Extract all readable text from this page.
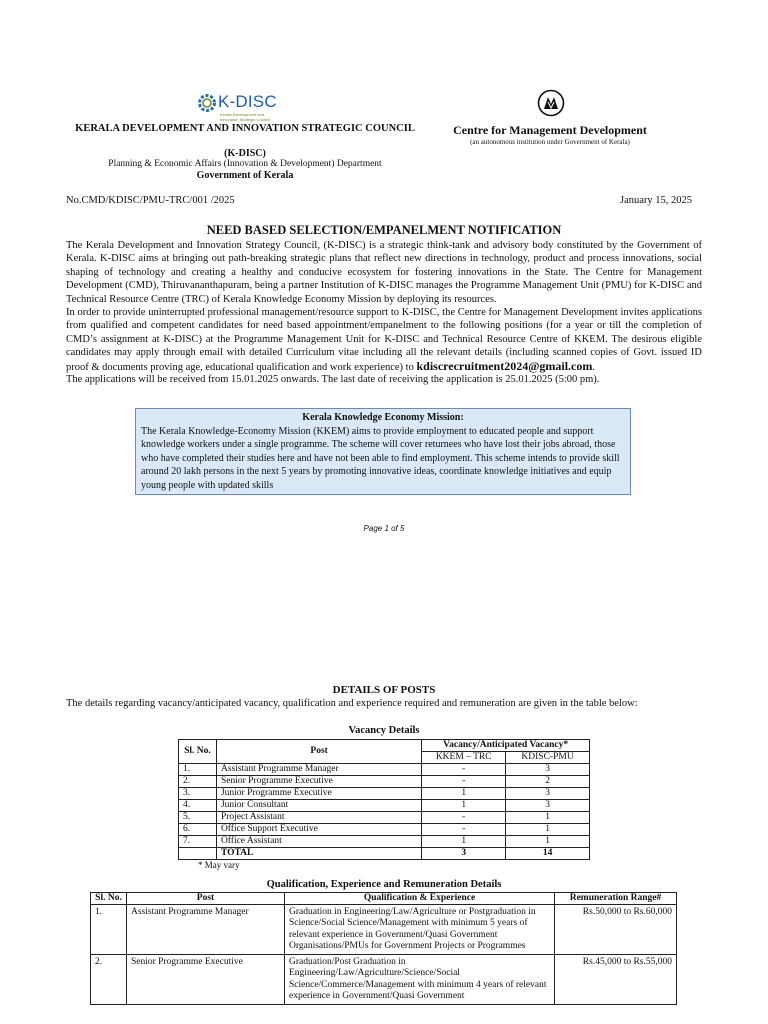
K-DISC
Kerala Development and Innovation Strategic Council
KERALA DEVELOPMENT AND INNOVATION STRATEGIC COUNCIL
(K-DISC)
Planning & Economic Affairs (Innovation & Development) Department
Government of Kerala
Centre for Management Development
(an autonomous institution under Government of Kerala)
No.CMD/KDISC/PMU-TRC/001 /2025	January 15, 2025
NEED BASED SELECTION/EMPANELMENT NOTIFICATION
The Kerala Development and Innovation Strategy Council, (K-DISC) is a strategic think-tank and advisory body constituted by the Government of Kerala. K-DISC aims at bringing out path-breaking strategic plans that reflect new directions in technology, product and process innovations, social shaping of technology and creating a healthy and conducive ecosystem for fostering innovations in the State. The Centre for Management Development (CMD), Thiruvananthapuram, being a partner Institution of K-DISC manages the Programme Management Unit (PMU) for K-DISC and Technical Resource Centre (TRC) of Kerala Knowledge Economy Mission by deploying its resources.
In order to provide uninterrupted professional management/resource support to K-DISC, the Centre for Management Development invites applications from qualified and competent candidates for need based appointment/empanelment to the following positions (for a year or till the completion of CMD’s assignment at K-DISC) at the Programme Management Unit for K-DISC and Technical Resource Centre of KKEM. The desirous eligible candidates may apply through email with detailed Curriculum vitae including all the relevant details (including scanned copies of Govt. issued ID proof & documents proving age, educational qualification and work experience) to kdiscrecruitment2024@gmail.com.
The applications will be received from 15.01.2025 onwards. The last date of receiving the application is 25.01.2025 (5:00 pm).
Kerala Knowledge Economy Mission:
The Kerala Knowledge-Economy Mission (KKEM) aims to provide employment to educated people and support knowledge workers under a single programme. The scheme will cover returnees who have lost their jobs abroad, those who have completed their studies here and have not been able to find employment. This scheme intends to provide skill around 20 lakh persons in the next 5 years by promoting innovative ideas, coordinate knowledge initiatives and equip young people with updated skills
Page 1 of 5
DETAILS OF POSTS
The details regarding vacancy/anticipated vacancy, qualification and experience required and remuneration are given in the table below:
Vacancy Details
Sl. No.	Post	Vacancy/Anticipated Vacancy*	
		KKEM – TRC	KDISC-PMU
1.	Assistant Programme Manager	-	3
2.	Senior Programme Executive	-	2
3.	Junior Programme Executive	1	3
4.	Junior Consultant	1	3
5.	Project Assistant	-	1
6.	Office Support Executive	-	1
7.	Office Assistant	1	1
	TOTAL	3	14
* May vary
Qualification, Experience and Remuneration Details
Sl. No.	Post	Qualification & Experience	Remuneration Range#
1.	Assistant Programme Manager	Graduation in Engineering/Law/Agriculture or Postgraduation in Science/Social Science/Management with minimum 5 years of relevant experience in Government/Quasi Government Organisations/PMUs for Government Projects or Programmes	Rs.50,000 to Rs.60,000
2.	Senior Programme Executive	Graduation/Post Graduation in Engineering/Law/Agriculture/Science/Social Science/Commerce/Management with minimum 4 years of relevant experience in Government/Quasi Government	Rs.45,000 to Rs.55,000
